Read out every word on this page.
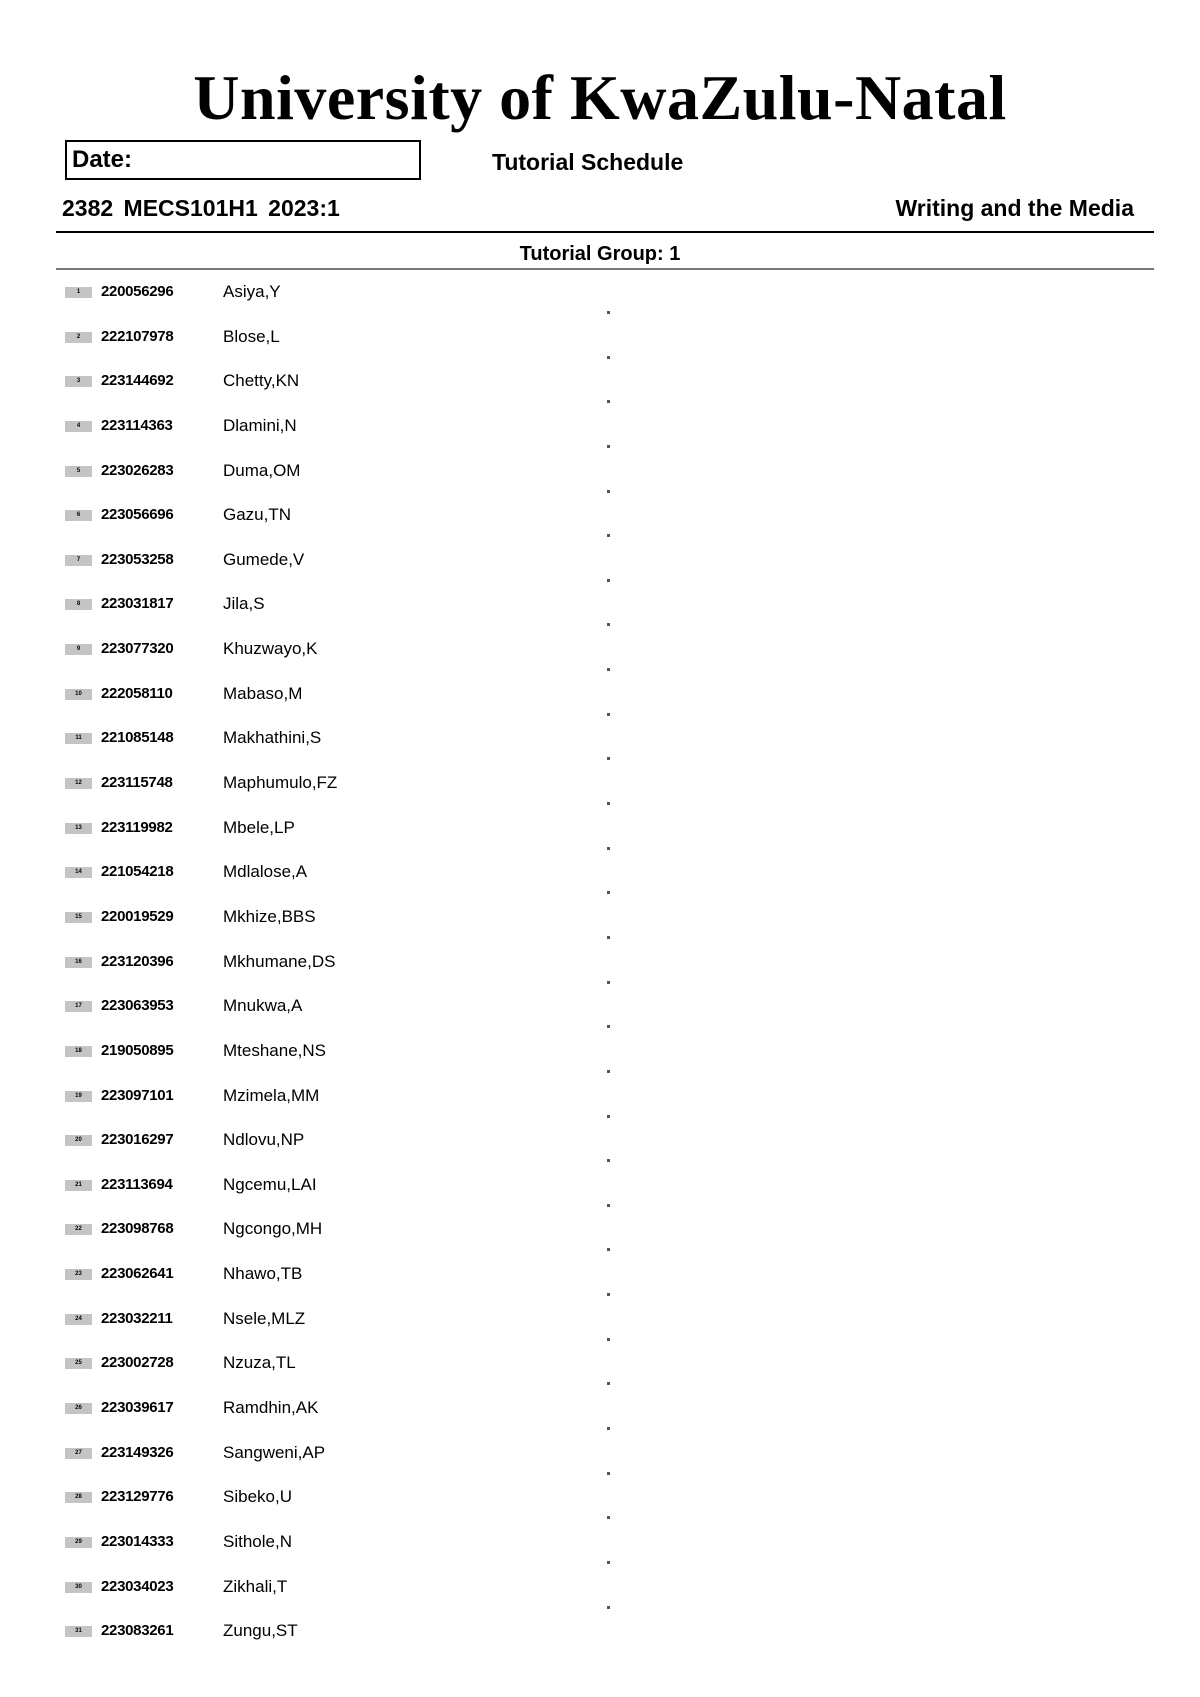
University of KwaZulu-Natal
Date:	Tutorial Schedule
2382 MECS101H1 2023:1	Writing and the Media
Tutorial Group: 1
1	220056296	Asiya,Y
2	222107978	Blose,L
3	223144692	Chetty,KN
4	223114363	Dlamini,N
5	223026283	Duma,OM
6	223056696	Gazu,TN
7	223053258	Gumede,V
8	223031817	Jila,S
9	223077320	Khuzwayo,K
10	222058110	Mabaso,M
11	221085148	Makhathini,S
12	223115748	Maphumulo,FZ
13	223119982	Mbele,LP
14	221054218	Mdlalose,A
15	220019529	Mkhize,BBS
16	223120396	Mkhumane,DS
17	223063953	Mnukwa,A
18	219050895	Mteshane,NS
19	223097101	Mzimela,MM
20	223016297	Ndlovu,NP
21	223113694	Ngcemu,LAI
22	223098768	Ngcongo,MH
23	223062641	Nhawo,TB
24	223032211	Nsele,MLZ
25	223002728	Nzuza,TL
26	223039617	Ramdhin,AK
27	223149326	Sangweni,AP
28	223129776	Sibeko,U
29	223014333	Sithole,N
30	223034023	Zikhali,T
31	223083261	Zungu,ST
